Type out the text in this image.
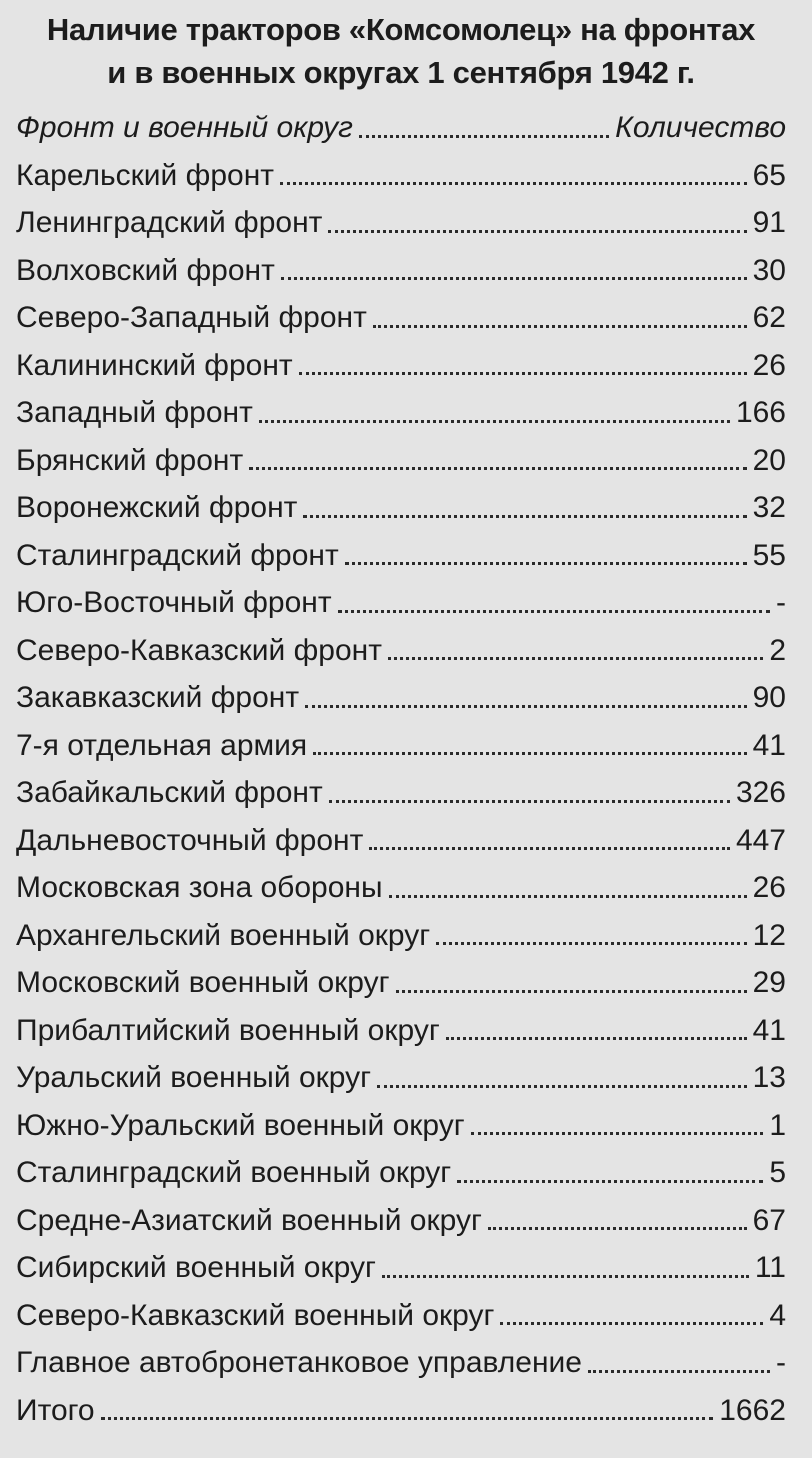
Наличие тракторов «Комсомолец» на фронтах
и в военных округах 1 сентября 1942 г.
Фронт и военный округ	Количество
Карельский фронт	65
Ленинградский фронт	91
Волховский фронт	30
Северо-Западный фронт	62
Калининский фронт	26
Западный фронт	166
Брянский фронт	20
Воронежский фронт	32
Сталинградский фронт	55
Юго-Восточный фронт	-
Северо-Кавказский фронт	2
Закавказский фронт	90
7-я отдельная армия	41
Забайкальский фронт	326
Дальневосточный фронт	447
Московская зона обороны	26
Архангельский военный округ	12
Московский военный округ	29
Прибалтийский военный округ	41
Уральский военный округ	13
Южно-Уральский военный округ	1
Сталинградский военный округ	5
Средне-Азиатский военный округ	67
Сибирский военный округ	11
Северо-Кавказский военный округ	4
Главное автобронетанковое управление	-
Итого	1662
